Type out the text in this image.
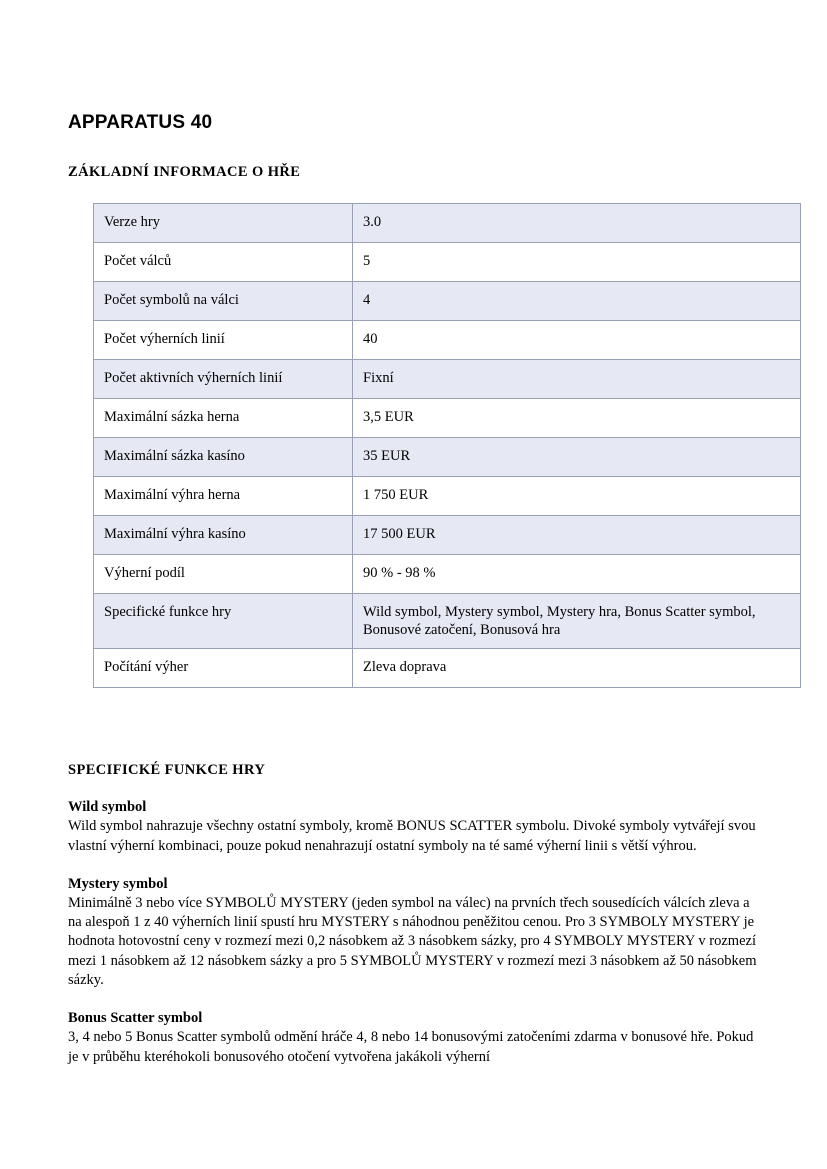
APPARATUS 40
ZÁKLADNÍ INFORMACE O HŘE
Verze hry	3.0
Počet válců	5
Počet symbolů na válci	4
Počet výherních linií	40
Počet aktivních výherních linií	Fixní
Maximální sázka herna	3,5 EUR
Maximální sázka kasíno	35 EUR
Maximální výhra herna	1 750 EUR
Maximální výhra kasíno	17 500 EUR
Výherní podíl	90 % - 98 %
Specifické funkce hry	Wild symbol, Mystery symbol, Mystery hra, Bonus Scatter symbol, Bonusové zatočení, Bonusová hra
Počítání výher	Zleva doprava
SPECIFICKÉ FUNKCE HRY
Wild symbol

Wild symbol nahrazuje všechny ostatní symboly, kromě BONUS SCATTER symbolu. Divoké symboly vytvářejí svou vlastní výherní kombinaci, pouze pokud nenahrazují ostatní symboly na té samé výherní linii s větší výhrou.

Mystery symbol

Minimálně 3 nebo více SYMBOLŮ MYSTERY (jeden symbol na válec) na prvních třech sousedících válcích zleva a na alespoň 1 z 40 výherních linií spustí hru MYSTERY s náhodnou peněžitou cenou. Pro 3 SYMBOLY MYSTERY je hodnota hotovostní ceny v rozmezí mezi 0,2 násobkem až 3 násobkem sázky, pro 4 SYMBOLY MYSTERY v rozmezí mezi 1 násobkem až 12 násobkem sázky a pro 5 SYMBOLŮ MYSTERY v rozmezí mezi 3 násobkem až 50 násobkem sázky.

Bonus Scatter symbol

3, 4 nebo 5 Bonus Scatter symbolů odmění hráče 4, 8 nebo 14 bonusovými zatočeními zdarma v bonusové hře. Pokud je v průběhu kteréhokoli bonusového otočení vytvořena jakákoli výherní
